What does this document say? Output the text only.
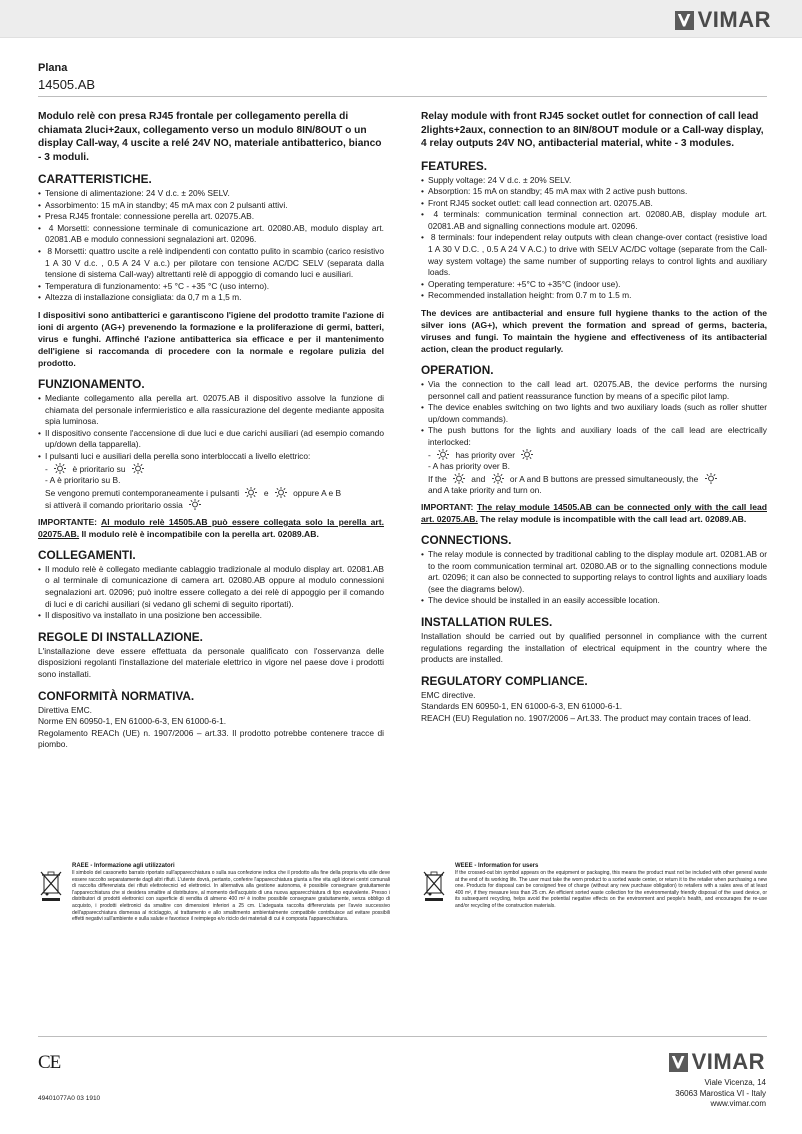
VIMAR
Plana
14505.AB

Modulo relè con presa RJ45 frontale per collegamento perella di chiamata 2luci+2aux, collegamento verso un modulo 8IN/8OUT o un display Call-way, 4 uscite a relé 24V NO, materiale antibatterico, bianco - 3 moduli.

CARATTERISTICHE.
• Tensione di alimentazione: 24 V d.c. ± 20% SELV.
• Assorbimento: 15 mA in standby; 45 mA max con 2 pulsanti attivi.
• Presa RJ45 frontale: connessione perella art. 02075.AB.
• 4 Morsetti: connessione terminale di comunicazione art. 02080.AB, modulo display art. 02081.AB e modulo connessioni segnalazioni art. 02096.
• 8 Morsetti: quattro uscite a relè indipendenti con contatto pulito in scambio (carico resistivo 1 A 30 V d.c. , 0.5 A 24 V a.c.) per pilotare con tensione AC/DC SELV (separata dalla tensione di sistema Call-way) altrettanti relè di appoggio di comando luci e ausiliari.
• Temperatura di funzionamento: +5 °C - +35 °C (uso interno).
• Altezza di installazione consigliata: da 0,7 m a 1,5 m.

I dispositivi sono antibatterici e garantiscono l'igiene del prodotto tramite l'azione di ioni di argento (AG+) prevenendo la formazione e la proliferazione di germi, batteri, virus e funghi. Affinché l'azione antibatterica sia efficace e per il mantenimento dell'igiene si raccomanda di procedere con la normale e regolare pulizia del prodotto.

FUNZIONAMENTO.
• Mediante collegamento alla perella art. 02075.AB il dispositivo assolve la funzione di chiamata del personale infermieristico e alla rassicurazione del degente mediante apposita spia luminosa.
• Il dispositivo consente l'accensione di due luci e due carichi ausiliari (ad esempio comando up/down della tapparella).
• I pulsanti luci e ausiliari della perella sono interbloccati a livello elettrico:
-	è prioritario su
- A è prioritario su B.
Se vengono premuti contemporaneamente i pulsanti	e	oppure A e B
si attiverà il comando prioritario ossia

IMPORTANTE: Al modulo relè 14505.AB può essere collegata solo la perella art. 02075.AB. Il modulo relè è incompatibile con la perella art. 02089.AB.

COLLEGAMENTI.
• Il modulo relè è collegato mediante cablaggio tradizionale al modulo display art. 02081.AB o al terminale di comunicazione di camera art. 02080.AB oppure al modulo connessioni segnalazioni art. 02096; può inoltre essere collegato a dei relè di appoggio per il comando di luci e di carichi ausiliari (si vedano gli schemi di seguito riportati).
• Il dispositivo va installato in una posizione ben accessibile.
REGOLE DI INSTALLAZIONE.

L'installazione deve essere effettuata da personale qualificato con l'osservanza delle disposizioni regolanti l'installazione del materiale elettrico in vigore nel paese dove i prodotti sono installati.

CONFORMITÀ NORMATIVA.

Direttiva EMC.

Norme EN 60950-1, EN 61000-6-3, EN 61000-6-1.

Regolamento REACh (UE) n. 1907/2006 – art.33. Il prodotto potrebbe contenere tracce di piombo.

Relay module with front RJ45 socket outlet for connection of call lead 2lights+2aux, connection to an 8IN/8OUT module or a Call-way display, 4 relay outputs 24V NO, antibacterial material, white - 3 modules.

FEATURES.
• Supply voltage: 24 V d.c. ± 20% SELV.
• Absorption: 15 mA on standby; 45 mA max with 2 active push buttons.
• Front RJ45 socket outlet: call lead connection art. 02075.AB.
• 4 terminals: communication terminal connection art. 02080.AB, display module art. 02081.AB and signalling connections module art. 02096.
• 8 terminals: four independent relay outputs with clean change-over contact (resistive load 1 A 30 V D.C. , 0.5 A 24 V A.C.) to drive with SELV AC/DC voltage (separate from the Call-way system voltage) the same number of supporting relays to control lights and auxiliary loads.
• Operating temperature: +5°C to +35°C (indoor use).
• Recommended installation height: from 0.7 m to 1.5 m.

The devices are antibacterial and ensure full hygiene thanks to the action of the silver ions (AG+), which prevent the formation and spread of germs, bacteria, viruses and fungi. To maintain the hygiene and effectiveness of its antibacterial action, clean the product regularly.

OPERATION.
• Via the connection to the call lead art. 02075.AB, the device performs the nursing personnel call and patient reassurance function by means of a specific pilot lamp.
• The device enables switching on two lights and two auxiliary loads (such as roller shutter up/down commands).
• The push buttons for the lights and auxiliary loads of the call lead are electrically interlocked:
-	has priority over
- A has priority over B.
If the	and	or A and B buttons are pressed simultaneously, the

and A take priority and turn on.

IMPORTANT: The relay module 14505.AB can be connected only with the call lead art. 02075.AB. The relay module is incompatible with the call lead art. 02089.AB.

CONNECTIONS.
• The relay module is connected by traditional cabling to the display module art. 02081.AB or to the room communication terminal art. 02080.AB or to the signalling connections module art. 02096; it can also be connected to supporting relays to control lights and auxiliary loads (see the diagrams below).
• The device should be installed in an easily accessible location.
INSTALLATION RULES.

Installation should be carried out by qualified personnel in compliance with the current regulations regarding the installation of electrical equipment in the country where the products are installed.

REGULATORY COMPLIANCE.

EMC directive.

Standards EN 60950-1, EN 61000-6-3, EN 61000-6-1.

REACH (EU) Regulation no. 1907/2006 – Art.33. The product may contain traces of lead.

RAEE - Informazione agli utilizzatori
Il simbolo del cassonetto barrato riportato sull'apparecchiatura o sulla sua confezione indica che il prodotto alla fine della propria vita utile deve essere raccolto separatamente dagli altri rifiuti. L'utente dovrà, pertanto, conferire l'apparecchiatura giunta a fine vita agli idonei centri comunali di raccolta differenziata dei rifiuti elettrotecnici ed elettronici. In alternativa alla gestione autonoma, è possibile consegnare gratuitamente l'apparecchiatura che si desidera smaltire al distributore, al momento dell'acquisto di una nuova apparecchiatura di tipo equivalente. Presso i distributori di prodotti elettronici con superficie di vendita di almeno 400 m² è inoltre possibile consegnare gratuitamente, senza obbligo di acquisto, i prodotti elettronici da smaltire con dimensioni inferiori a 25 cm. L'adeguata raccolta differenziata per l'avvio successivo dell'apparecchiatura dismessa al riciclaggio, al trattamento e allo smaltimento ambientalmente compatibile contribuisce ad evitare possibili effetti negativi sull'ambiente e sulla salute e favorisce il reimpiego e/o riciclo dei materiali di cui è composta l'apparecchiatura.
WEEE - Information for users
If the crossed-out bin symbol appears on the equipment or packaging, this means the product must not be included with other general waste at the end of its working life. The user must take the worn product to a sorted waste center, or return it to the retailer when purchasing a new one. Products for disposal can be consigned free of charge (without any new purchase obligation) to retailers with a sales area of at least 400 m², if they measure less than 25 cm. An efficient sorted waste collection for the environmentally friendly disposal of the used device, or its subsequent recycling, helps avoid the potential negative effects on the environment and people's health, and encourages the re-use and/or recycling of the construction materials.
CE
49401077A0 03 1910
VIMAR
Viale Vicenza, 14
36063 Marostica VI - Italy
www.vimar.com
